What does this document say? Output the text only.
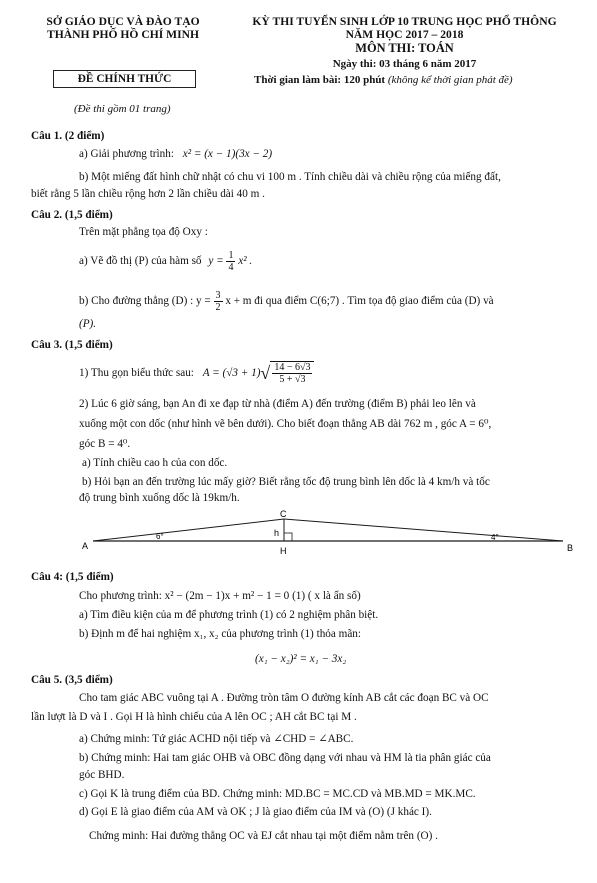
SỞ GIÁO DỤC VÀ ĐÀO TẠO
THÀNH PHỐ HỒ CHÍ MINH
KỲ THI TUYỂN SINH LỚP 10 TRUNG HỌC PHỔ THÔNG
NĂM HỌC 2017 – 2018
MÔN THI: TOÁN
Ngày thi: 03 tháng 6 năm 2017
ĐỀ CHÍNH THỨC	Thời gian làm bài: 120 phút (không kể thời gian phát đề)
(Đề thi gồm 01 trang)
Câu 1. (2 điểm)
a) Giải phương trình: x² = (x − 1)(3x − 2)
b) Một miếng đất hình chữ nhật có chu vi 100 m . Tính chiều dài và chiều rộng của miếng đất,
biết rằng 5 lần chiều rộng hơn 2 lần chiều dài 40 m .
Câu 2. (1,5 điểm)
Trên mặt phẳng tọa độ Oxy :
a) Vẽ đồ thị (P) của hàm số $y = \frac{1}{4} x^2$ .
b) Cho đường thẳng (D) : $y = \frac{3}{2}$ x + m đi qua điểm C(6;7) . Tìm tọa độ giao điểm của (D) và
(P).
Câu 3. (1,5 điểm)
1) Thu gọn biểu thức sau: $A = (√3 + 1)√ \frac{14 - 6√3}{5 + √3}$
2) Lúc 6 giờ sáng, bạn An đi xe đạp từ nhà (điểm A) đến trường (điểm B) phải leo lên và
xuống một con dốc (như hình vẽ bên dưới). Cho biết đoạn thẳng AB dài 762 m , góc A = 6⁰,
góc B = 4⁰.
a) Tính chiều cao h của con dốc.
b) Hỏi bạn an đến trường lúc mấy giờ? Biết rằng tốc độ trung bình lên dốc là 4 km/h và tốc
độ trung bình xuống dốc là 19km/h.
A	B
C
H
h
6°	4°
Câu 4: (1,5 điểm)
Cho phương trình: x² − (2m − 1)x + m² − 1 = 0 (1) ( x là ẩn số)
a) Tìm điều kiện của m để phương trình (1) có 2 nghiệm phân biệt.
b) Định m để hai nghiệm x₁, x₂ của phương trình (1) thỏa mãn:
(x₁ − x₂)² = x₁ − 3x₂
Câu 5. (3,5 điểm)
Cho tam giác ABC vuông tại A . Đường tròn tâm O đường kính AB cắt các đoạn BC và OC
lần lượt là D và I . Gọi H là hình chiếu của A lên OC ; AH cắt BC tại M .
a) Chứng minh: Tứ giác ACHD nội tiếp và ∠CHD = ∠ABC.
b) Chứng minh: Hai tam giác OHB và OBC đồng dạng với nhau và HM là tia phân giác của
góc BHD.
c) Gọi K là trung điểm của BD. Chứng minh: MD.BC = MC.CD và MB.MD = MK.MC.
d) Gọi E là giao điểm của AM và OK ; J là giao điểm của IM và (O) (J khác I).
Chứng minh: Hai đường thẳng OC và EJ cắt nhau tại một điểm nằm trên (O) .
